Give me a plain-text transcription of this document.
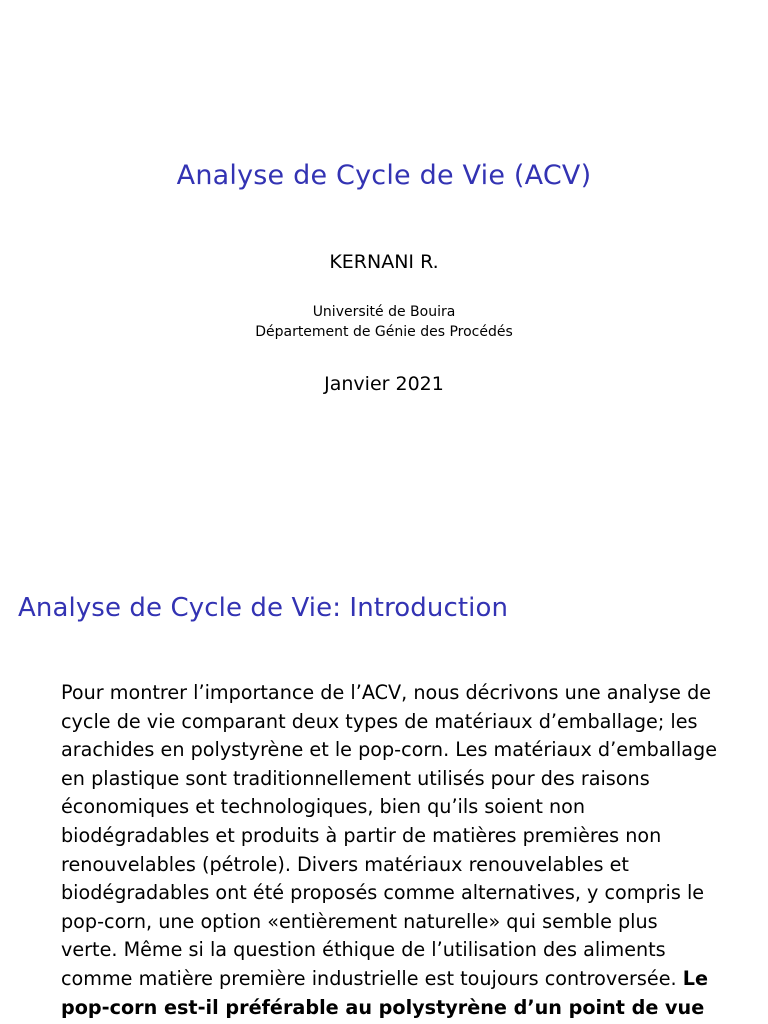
Analyse de Cycle de Vie (ACV)
KERNANI R.
Université de Bouira
Département de Génie des Procédés
Janvier 2021
Analyse de Cycle de Vie: Introduction
Pour montrer l’importance de l’ACV, nous décrivons une analyse de
cycle de vie comparant deux types de matériaux d’emballage; les
arachides en polystyrène et le pop-corn. Les matériaux d’emballage
en plastique sont traditionnellement utilisés pour des raisons
économiques et technologiques, bien qu’ils soient non
biodégradables et produits à partir de matières premières non
renouvelables (pétrole). Divers matériaux renouvelables et
biodégradables ont été proposés comme alternatives, y compris le
pop-corn, une option «entièrement naturelle» qui semble plus
verte. Même si la question éthique de l’utilisation des aliments
comme matière première industrielle est toujours controversée. Le
pop-corn est-il préférable au polystyrène d’un point de vue
